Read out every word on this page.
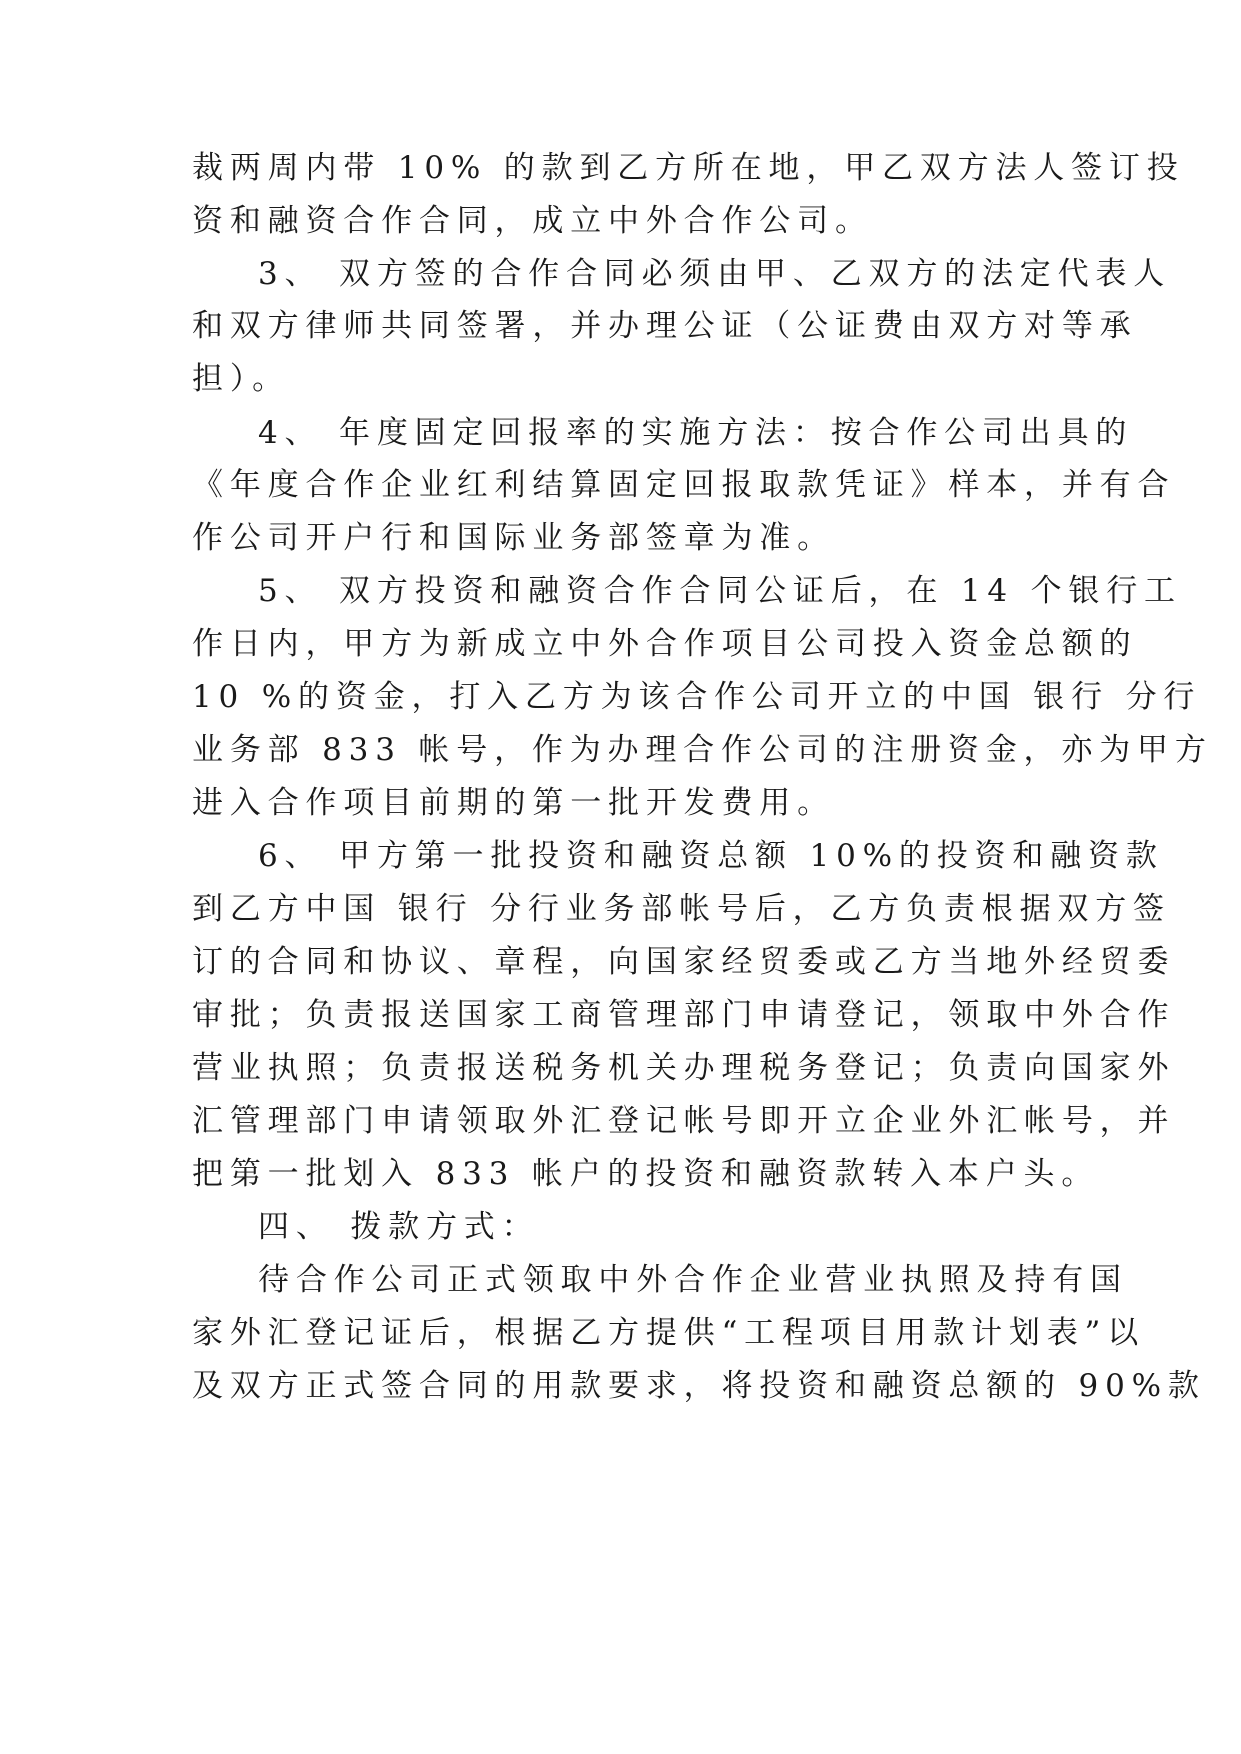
裁两周内带 10% 的款到乙方所在地，甲乙双方法人签订投
资和融资合作合同，成立中外合作公司。
3、 双方签的合作合同必须由甲、乙双方的法定代表人
和双方律师共同签署，并办理公证（公证费由双方对等承
担）。
4、 年度固定回报率的实施方法：按合作公司出具的
《年度合作企业红利结算固定回报取款凭证》样本，并有合
作公司开户行和国际业务部签章为准。
5、 双方投资和融资合作合同公证后，在 14 个银行工
作日内，甲方为新成立中外合作项目公司投入资金总额的
10 %的资金，打入乙方为该合作公司开立的中国 银行 分行
业务部 833 帐号，作为办理合作公司的注册资金，亦为甲方
进入合作项目前期的第一批开发费用。
6、 甲方第一批投资和融资总额 10%的投资和融资款
到乙方中国 银行 分行业务部帐号后，乙方负责根据双方签
订的合同和协议、章程，向国家经贸委或乙方当地外经贸委
审批；负责报送国家工商管理部门申请登记，领取中外合作
营业执照；负责报送税务机关办理税务登记；负责向国家外
汇管理部门申请领取外汇登记帐号即开立企业外汇帐号，并
把第一批划入 833 帐户的投资和融资款转入本户头。
四、 拨款方式：
待合作公司正式领取中外合作企业营业执照及持有国
家外汇登记证后，根据乙方提供“工程项目用款计划表”以
及双方正式签合同的用款要求，将投资和融资总额的 90%款
